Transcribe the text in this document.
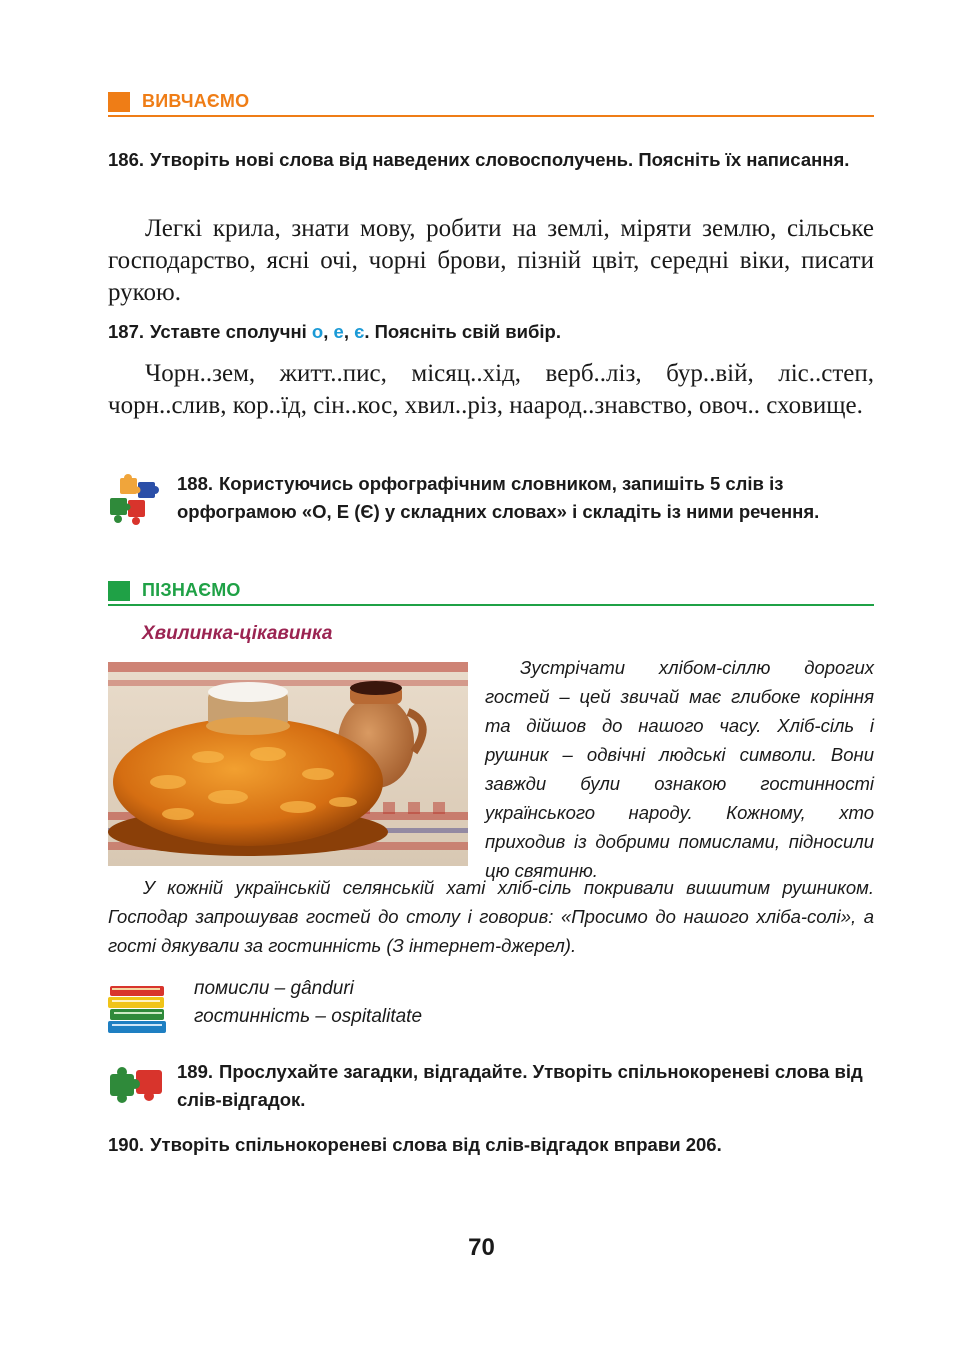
ВИВЧАЄМО
186. Утворіть нові слова від наведених словосполучень. Поясніть їх написання.
Легкі крила, знати мову, робити на землі, міряти землю, сільське господарство, ясні очі, чорні брови, пізній цвіт, середні віки, писати рукою.
187. Уставте сполучні о, е, є. Поясніть свій вибір.
Чорн..зем, житт..пис, місяц..хід, верб..ліз, бур..вій, ліс..степ, чорн..слив, кор..їд, сін..кос, хвил..різ, наарод..знавство, овоч.. сховище.
188. Користуючись орфографічним словником, запишіть 5 слів із орфограмою «О, Е (Є) у складних словах» і складіть із ними речення.
ПІЗНАЄМО
Хвилинка-цікавинка
Зустрічати хлібом-сіллю дорогих гостей – цей звичай має глибоке коріння та дійшов до нашого часу. Хліб-сіль і рушник – одвічні людські символи. Вони завжди були ознакою гостинності українського народу. Кожному, хто приходив із добрими помислами, підносили цю святиню.
У кожній українській селянській хаті хліб-сіль покривали вишитим рушником. Господар запрошував гостей до столу і говорив: «Просимо до нашого хліба-солі», а гості дякували за гостинність (З інтернет-джерел).
помисли – gânduri
гостинність – ospitalitate
189. Прослухайте загадки, відгадайте. Утворіть спільнокореневі слова від слів-відгадок.
190. Утворіть спільнокореневі слова від слів-відгадок вправи 206.
70
